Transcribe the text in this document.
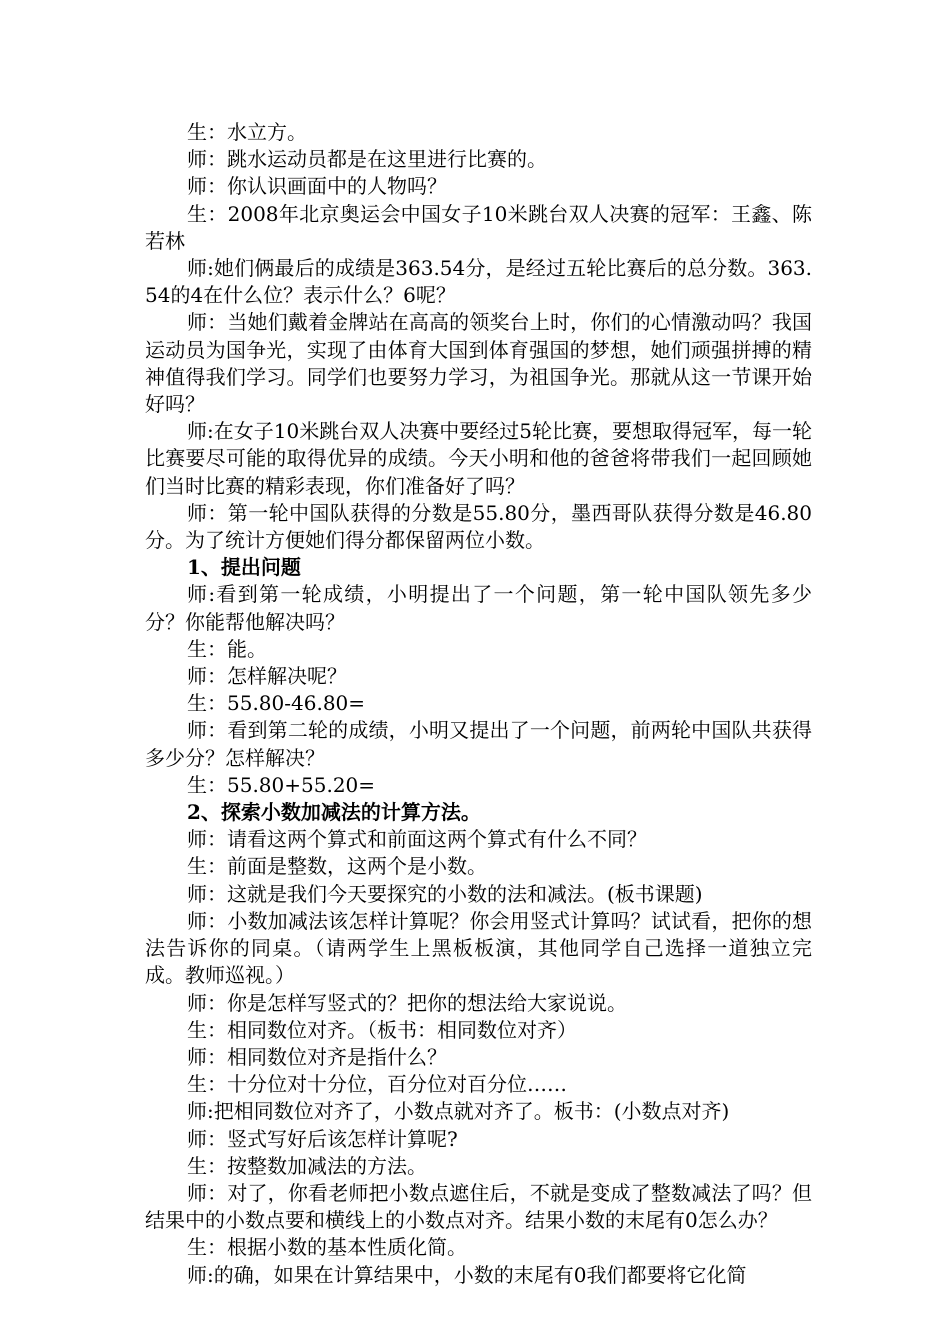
生：水立方。

师：跳水运动员都是在这里进行比赛的。

师：你认识画面中的人物吗？

生：2008年北京奥运会中国女子10米跳台双人决赛的冠军：王鑫、陈若林

师:她们俩最后的成绩是363.54分，是经过五轮比赛后的总分数。363.54的4在什么位？表示什么？6呢？

师：当她们戴着金牌站在高高的领奖台上时，你们的心情激动吗？我国运动员为国争光，实现了由体育大国到体育强国的梦想，她们顽强拼搏的精神值得我们学习。同学们也要努力学习，为祖国争光。那就从这一节课开始好吗？

师:在女子10米跳台双人决赛中要经过5轮比赛，要想取得冠军，每一轮比赛要尽可能的取得优异的成绩。今天小明和他的爸爸将带我们一起回顾她们当时比赛的精彩表现，你们准备好了吗？

师：第一轮中国队获得的分数是55.80分，墨西哥队获得分数是46.80分。为了统计方便她们得分都保留两位小数。

1、提出问题

师:看到第一轮成绩，小明提出了一个问题，第一轮中国队领先多少分？你能帮他解决吗？

生：能。

师：怎样解决呢？

生：55.80-46.80=

师：看到第二轮的成绩，小明又提出了一个问题，前两轮中国队共获得多少分？怎样解决？

生：55.80+55.20=

2、探索小数加减法的计算方法。

师：请看这两个算式和前面这两个算式有什么不同？

生：前面是整数，这两个是小数。

师：这就是我们今天要探究的小数的法和减法。(板书课题)

师：小数加减法该怎样计算呢？你会用竖式计算吗？试试看，把你的想法告诉你的同桌。（请两学生上黑板板演，其他同学自己选择一道独立完成。教师巡视。）

师：你是怎样写竖式的？把你的想法给大家说说。

生：相同数位对齐。（板书：相同数位对齐）

师：相同数位对齐是指什么？

生：十分位对十分位，百分位对百分位……

师:把相同数位对齐了，小数点就对齐了。板书：(小数点对齐)

师：竖式写好后该怎样计算呢?

生：按整数加减法的方法。

师：对了，你看老师把小数点遮住后，不就是变成了整数减法了吗？但结果中的小数点要和横线上的小数点对齐。结果小数的末尾有0怎么办？

生：根据小数的基本性质化简。

师:的确，如果在计算结果中，小数的末尾有0我们都要将它化简
